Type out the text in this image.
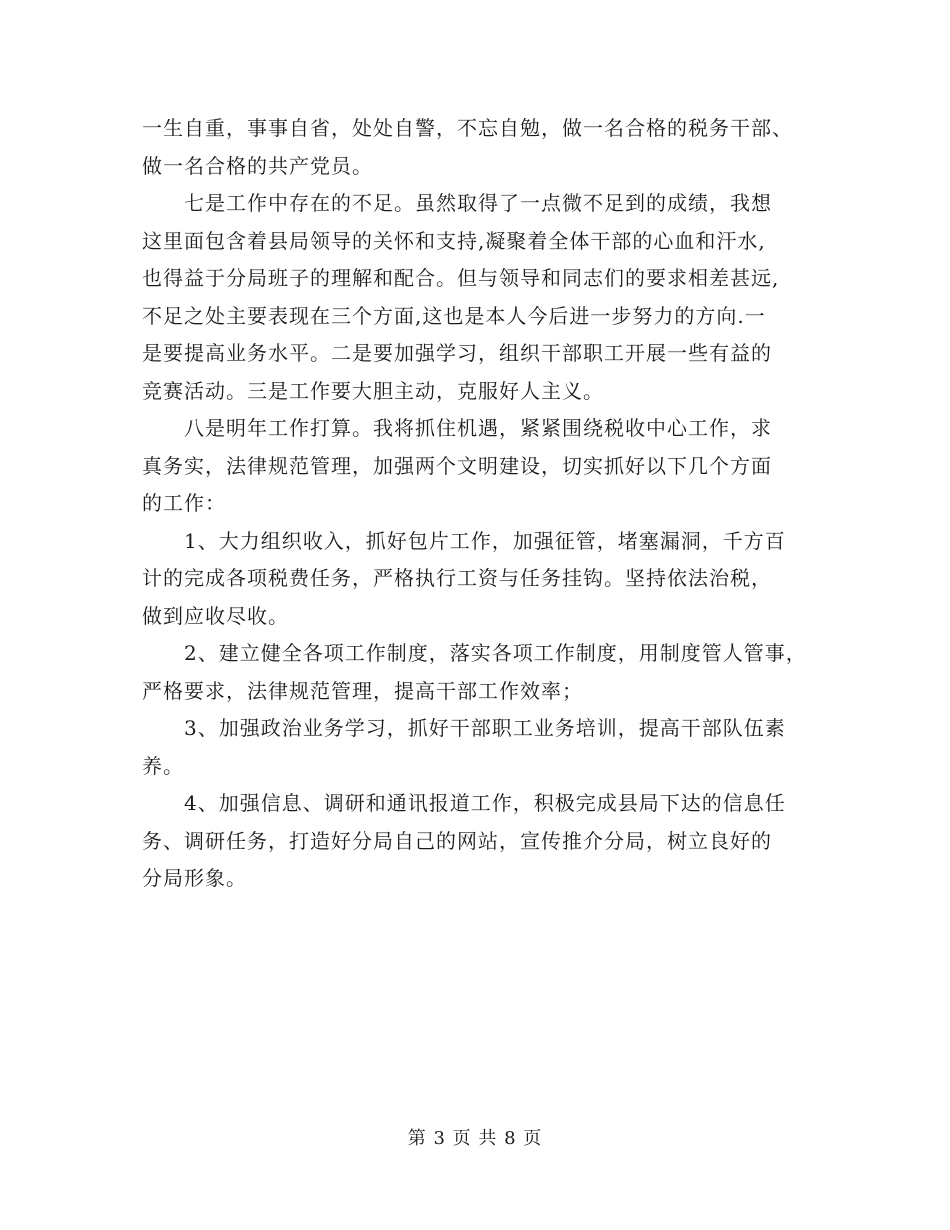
一生自重，事事自省，处处自警，不忘自勉，做一名合格的税务干部、
做一名合格的共产党员。
七是工作中存在的不足。虽然取得了一点微不足到的成绩，我想
这里面包含着县局领导的关怀和支持,凝聚着全体干部的心血和汗水,
也得益于分局班子的理解和配合。但与领导和同志们的要求相差甚远,
不足之处主要表现在三个方面,这也是本人今后进一步努力的方向.一
是要提高业务水平。二是要加强学习，组织干部职工开展一些有益的
竞赛活动。三是工作要大胆主动，克服好人主义。
八是明年工作打算。我将抓住机遇，紧紧围绕税收中心工作，求
真务实，法律规范管理，加强两个文明建设，切实抓好以下几个方面
的工作：
1、大力组织收入，抓好包片工作，加强征管，堵塞漏洞，千方百
计的完成各项税费任务，严格执行工资与任务挂钩。坚持依法治税，
做到应收尽收。
2、建立健全各项工作制度，落实各项工作制度，用制度管人管事，
严格要求，法律规范管理，提高干部工作效率；
3、加强政治业务学习，抓好干部职工业务培训，提高干部队伍素
养。
4、加强信息、调研和通讯报道工作，积极完成县局下达的信息任
务、调研任务，打造好分局自己的网站，宣传推介分局，树立良好的
分局形象。
第 3 页 共 8 页
